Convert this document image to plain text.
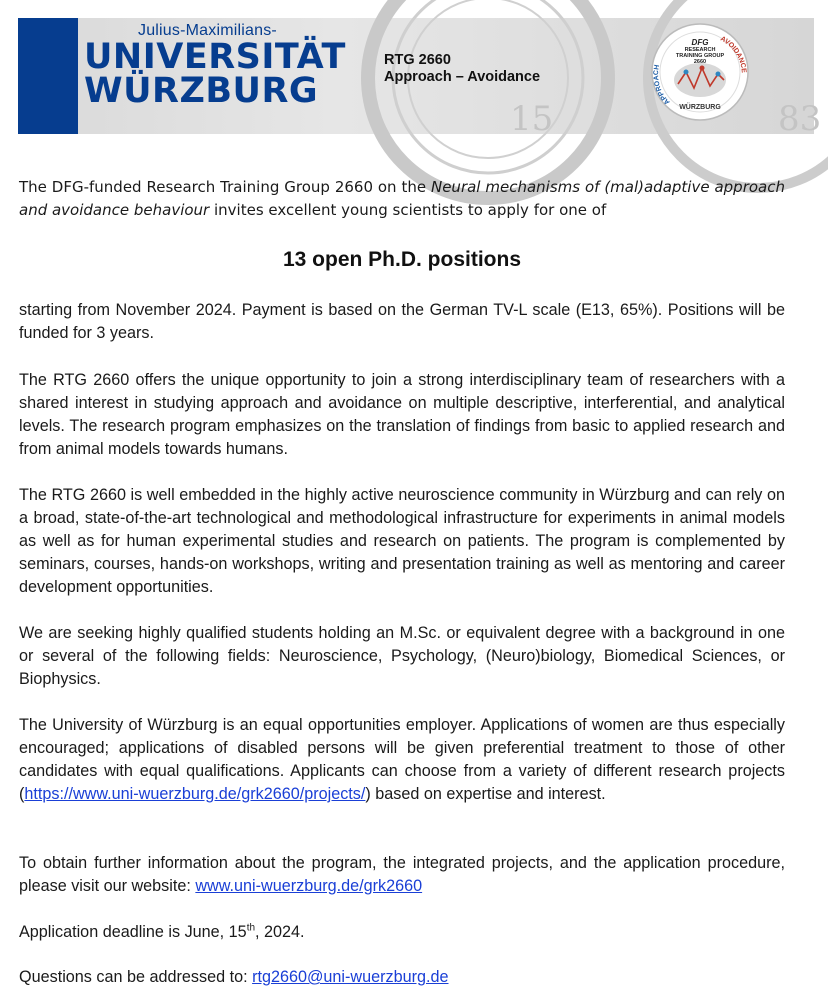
15	83
Julius-Maximilians-
UNIVERSITÄT
WÜRZBURG
RTG 2660
Approach – Avoidance
APPROACH
AVOIDANCE
DFG
RESEARCH
TRAINING GROUP
2660
WÜRZBURG
The DFG-funded Research Training Group 2660 on the Neural mechanisms of (mal)adaptive approach and avoidance behaviour invites excellent young scientists to apply for one of
13 open Ph.D. positions
starting from November 2024. Payment is based on the German TV-L scale (E13, 65%). Positions will be funded for 3 years.
The RTG 2660 offers the unique opportunity to join a strong interdisciplinary team of researchers with a shared interest in studying approach and avoidance on multiple descriptive, interferential, and analytical levels. The research program emphasizes on the translation of findings from basic to applied research and from animal models towards humans.
The RTG 2660 is well embedded in the highly active neuroscience community in Würzburg and can rely on a broad, state-of-the-art technological and methodological infrastructure for experiments in animal models as well as for human experimental studies and research on patients. The program is complemented by seminars, courses, hands-on workshops, writing and presentation training as well as mentoring and career development opportunities.
We are seeking highly qualified students holding an M.Sc. or equivalent degree with a background in one or several of the following fields: Neuroscience, Psychology, (Neuro)biology, Biomedical Sciences, or Biophysics.
The University of Würzburg is an equal opportunities employer. Applications of women are thus especially encouraged; applications of disabled persons will be given preferential treatment to those of other candidates with equal qualifications. Applicants can choose from a variety of different research projects (https://www.uni-wuerzburg.de/grk2660/projects/) based on expertise and interest.
To obtain further information about the program, the integrated projects, and the application procedure, please visit our website: www.uni-wuerzburg.de/grk2660
Application deadline is June, 15th, 2024.
Questions can be addressed to: rtg2660@uni-wuerzburg.de
